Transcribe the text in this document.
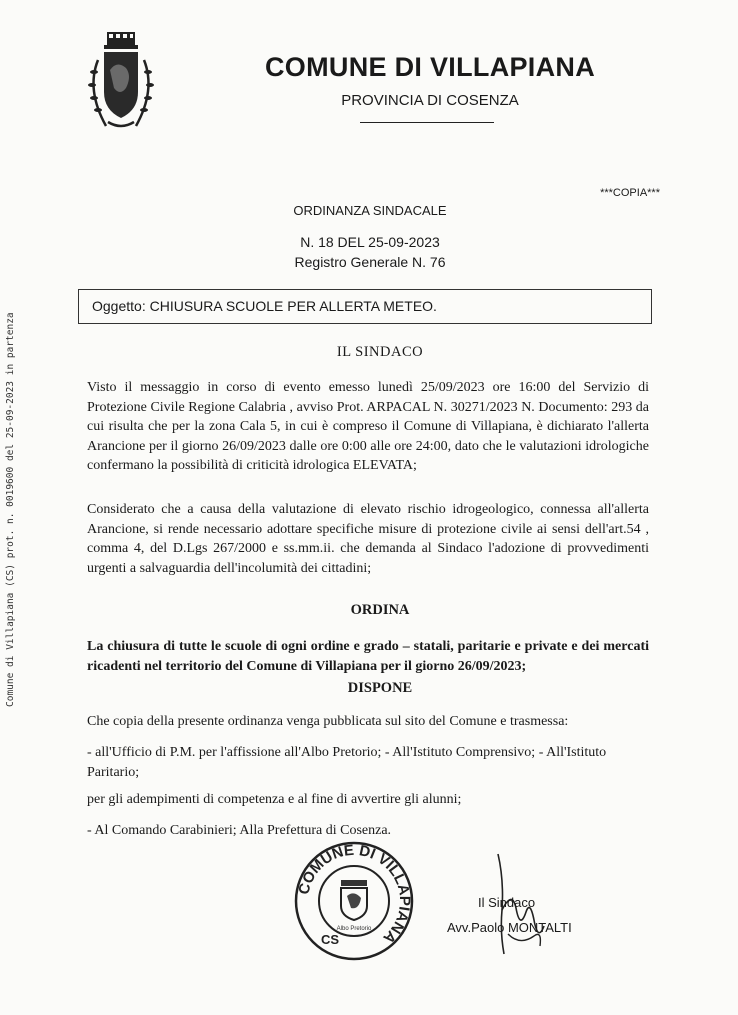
Comune di Villapiana (CS) prot. n. 0019600 del 25-09-2023 in partenza
COMUNE DI VILLAPIANA
PROVINCIA DI COSENZA
***COPIA***
ORDINANZA SINDACALE
N. 18 DEL 25-09-2023
Registro Generale N. 76
Oggetto: CHIUSURA SCUOLE PER ALLERTA METEO.
IL SINDACO
Visto il messaggio in corso di evento emesso lunedì 25/09/2023 ore 16:00 del Servizio di Protezione Civile Regione Calabria , avviso Prot. ARPACAL N. 30271/2023 N. Documento: 293 da cui risulta che per la zona Cala 5, in cui è compreso il Comune di Villapiana, è dichiarato l'allerta Arancione per il giorno 26/09/2023 dalle ore 0:00 alle ore 24:00, dato che le valutazioni idrologiche confermano la possibilità di criticità idrologica ELEVATA;
Considerato che a causa della valutazione di elevato rischio idrogeologico, connessa all'allerta Arancione, si rende necessario adottare specifiche misure di protezione civile ai sensi dell'art.54 , comma 4, del D.Lgs 267/2000 e ss.mm.ii. che demanda al Sindaco l'adozione di provvedimenti urgenti a salvaguardia dell'incolumità dei cittadini;
ORDINA
La chiusura di tutte le scuole di ogni ordine e grado – statali, paritarie e private e dei mercati ricadenti nel territorio del Comune di Villapiana per il giorno 26/09/2023;
DISPONE
Che copia della presente ordinanza venga pubblicata sul sito del Comune e trasmessa:
- all'Ufficio di P.M. per l'affissione all'Albo Pretorio; - All'Istituto Comprensivo; - All'Istituto Paritario;
per gli adempimenti di competenza e al fine di avvertire gli alunni;
- Al Comando Carabinieri; Alla Prefettura di Cosenza.
COMUNE DI VILLAPIANA
CS
Albo Pretorio
Il Sindaco
Avv.Paolo MONTALTI
